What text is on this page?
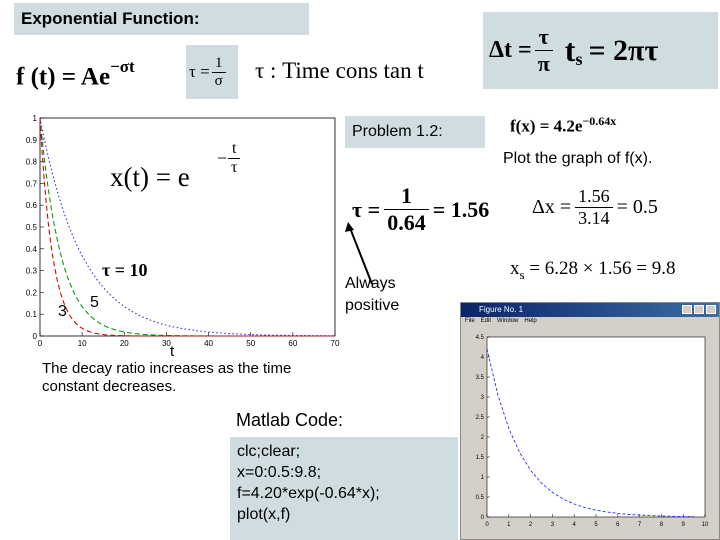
Exponential Function:
f $(t) = Ae^{-\sigma t}$	$\tau = \frac{1}{\sigma}$ τ : Time cons tan t
$\Delta t = \frac{\tau}{\pi}$ t s = 2πτ
0	10	20	30	40	50	60	70
0
0.1
0.2
0.3
0.4
0.5
0.6
0.7
0.8
0.9
1
x(t) = e
− $\frac{t}{\tau}$
τ = 10
5
3
t
Problem 1.2:	$f(x) = 4.2e^{-0.64x}$
Plot the graph of f(x).
$\tau = \frac{1}{0.64} = 1.56$ $\Delta x = \frac{1.56}{3.14} = 0.5$
$x_s = 6.28 \times 1.56 = 9.8$
Always
positive
The decay ratio increases as the time constant decreases.
Matlab Code:
clc;clear;
x=0:0.5:9.8;
f=4.20*exp(-0.64*x);
plot(x,f)
Figure No. 1
File Edit Window Help
0	1	2	3	4	5	6	7	8	9	10
0
0.5
1
1.5
2
2.5
3
3.5
4
4.5
